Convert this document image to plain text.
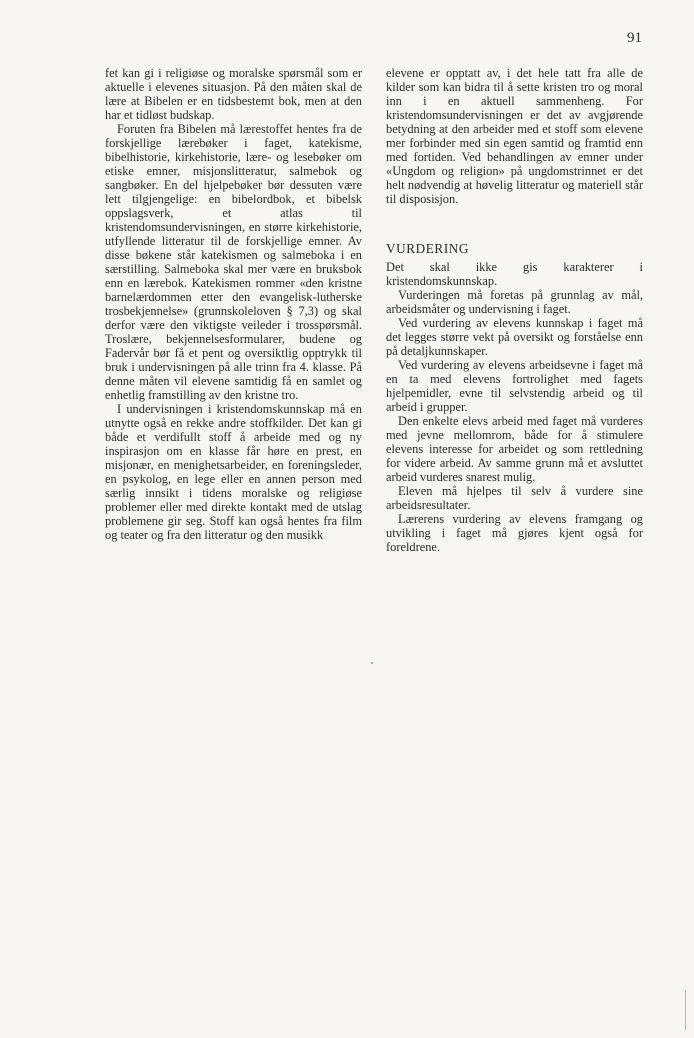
91

fet kan gi i religiøse og moralske spørsmål som er aktuelle i elevenes situasjon. På den måten skal de lære at Bibelen er en tidsbestemt bok, men at den har et tidløst budskap.

Foruten fra Bibelen må lærestoffet hentes fra de forskjellige lærebøker i faget, katekisme, bibelhistorie, kirkehistorie, lære- og lesebøker om etiske emner, misjonslitteratur, salmebok og sangbøker. En del hjelpebøker bør dessuten være lett tilgjengelige: en bibelordbok, et bibelsk oppslagsverk, et atlas til kristendomsundervisningen, en større kirkehistorie, utfyllende litteratur til de forskjellige emner. Av disse bøkene står katekismen og salmeboka i en særstilling. Salmeboka skal mer være en bruksbok enn en lærebok. Katekismen rommer «den kristne barnelærdommen etter den evangelisk-lutherske trosbekjennelse» (grunnskoleloven § 7,3) og skal derfor være den viktigste veileder i trosspørsmål. Troslære, bekjennelsesformularer, budene og Fadervår bør få et pent og oversiktlig opptrykk til bruk i undervisningen på alle trinn fra 4. klasse. På denne måten vil elevene samtidig få en samlet og enhetlig framstilling av den kristne tro.

I undervisningen i kristendomskunnskap må en utnytte også en rekke andre stoffkilder. Det kan gi både et verdifullt stoff å arbeide med og ny inspirasjon om en klasse får høre en prest, en misjonær, en menighetsarbeider, en foreningsleder, en psykolog, en lege eller en annen person med særlig innsikt i tidens moralske og religiøse problemer eller med direkte kontakt med de utslag problemene gir seg. Stoff kan også hentes fra film og teater og fra den litteratur og den musikk

elevene er opptatt av, i det hele tatt fra alle de kilder som kan bidra til å sette kristen tro og moral inn i en aktuell sammenheng. For kristendomsundervisningen er det av avgjørende betydning at den arbeider med et stoff som elevene mer forbinder med sin egen samtid og framtid enn med fortiden. Ved behandlingen av emner under «Ungdom og religion» på ungdomstrinnet er det helt nødvendig at høvelig litteratur og materiell står til disposisjon.

VURDERING

Det skal ikke gis karakterer i kristendomskunnskap.

Vurderingen må foretas på grunnlag av mål, arbeidsmåter og undervisning i faget.

Ved vurdering av elevens kunnskap i faget må det legges større vekt på oversikt og forståelse enn på detaljkunnskaper.

Ved vurdering av elevens arbeidsevne i faget må en ta med elevens fortrolighet med fagets hjelpemidler, evne til selvstendig arbeid og til arbeid i grupper.

Den enkelte elevs arbeid med faget må vurderes med jevne mellomrom, både for å stimulere elevens interesse for arbeidet og som rettledning for videre arbeid. Av samme grunn må et avsluttet arbeid vurderes snarest mulig.

Eleven må hjelpes til selv å vurdere sine arbeidsresultater.

Lærerens vurdering av elevens framgang og utvikling i faget må gjøres kjent også for foreldrene.
